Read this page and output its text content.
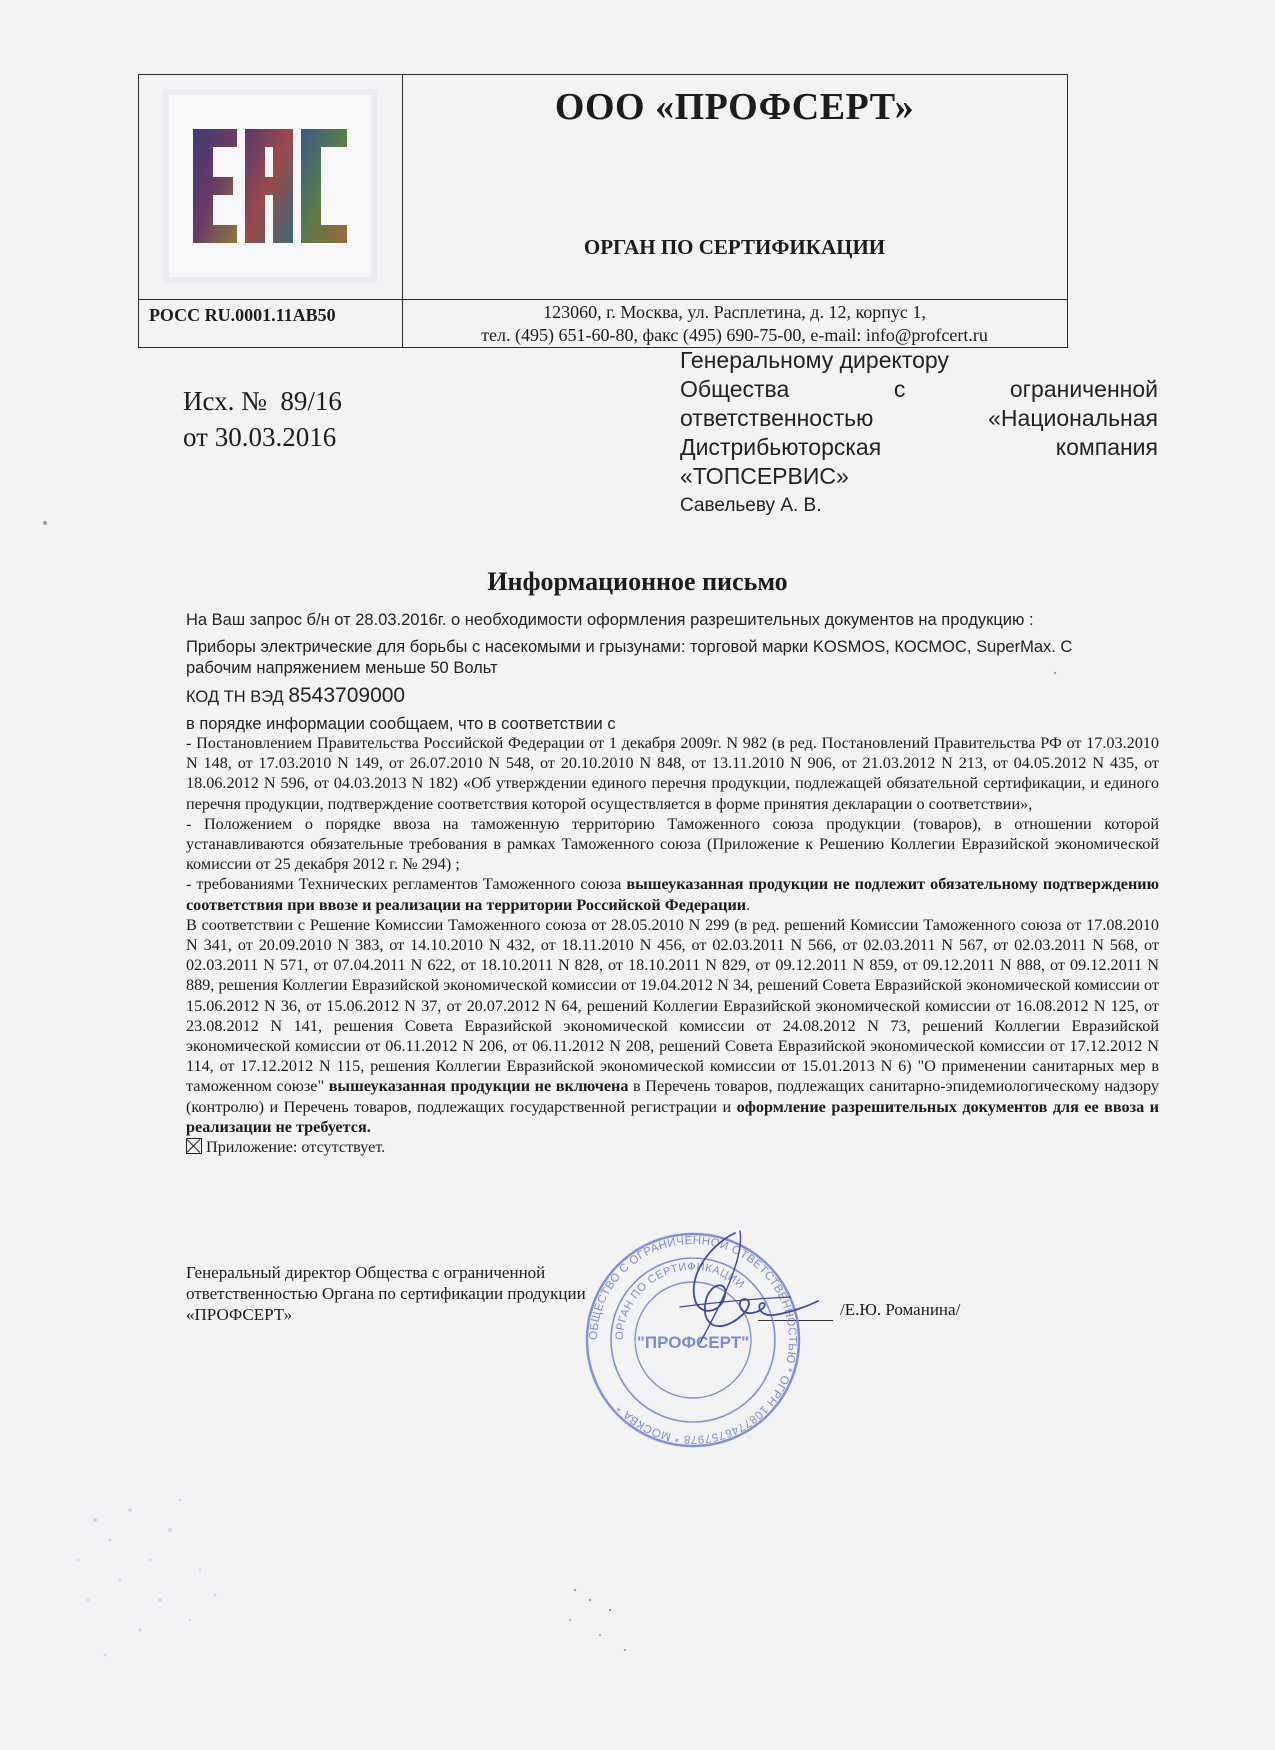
ООО «ПРОФСЕРТ»
ОРГАН ПО СЕРТИФИКАЦИИ
РОСС RU.0001.11АВ50	123060, г. Москва, ул. Расплетина, д. 12, корпус 1,
тел. (495) 651-60-80, факс (495) 690-75-00, e-mail: info@profcert.ru
Исх. №  89/16
от 30.03.2016
Генеральному директору
Общества с ограниченной
ответственностью «Национальная
Дистрибьюторская компания
«ТОПСЕРВИС»
Савельеву А. В.
Информационное письмо

На Ваш запрос б/н от 28.03.2016г. о необходимости оформления разрешительных документов на продукцию :

Приборы электрические для борьбы с насекомыми и грызунами: торговой марки KOSMOS, КОСМОС, SuperMax. С рабочим напряжением меньше 50 Вольт

КОД ТН ВЭД 8543709000

в порядке информации сообщаем, что в соответствии с

- Постановлением Правительства Российской Федерации от 1 декабря 2009г. N 982 (в ред. Постановлений Правительства РФ от 17.03.2010 N 148, от 17.03.2010 N 149, от 26.07.2010 N 548, от 20.10.2010 N 848, от 13.11.2010 N 906, от 21.03.2012 N 213, от 04.05.2012 N 435, от 18.06.2012 N 596, от 04.03.2013 N 182) «Об утверждении единого перечня продукции, подлежащей обязательной сертификации, и единого перечня продукции, подтверждение соответствия которой осуществляется в форме принятия декларации о соответствии»,

- Положением о порядке ввоза на таможенную территорию Таможенного союза продукции (товаров), в отношении которой устанавливаются обязательные требования в рамках Таможенного союза (Приложение к Решению Коллегии Евразийской экономической комиссии от 25 декабря 2012 г. № 294) ;

- требованиями Технических регламентов Таможенного союза вышеуказанная продукции не подлежит обязательному подтверждению соответствия при ввозе и реализации на территории Российской Федерации.

В соответствии с Решение Комиссии Таможенного союза от 28.05.2010 N 299 (в ред. решений Комиссии Таможенного союза от 17.08.2010 N 341, от 20.09.2010 N 383, от 14.10.2010 N 432, от 18.11.2010 N 456, от 02.03.2011 N 566, от 02.03.2011 N 567, от 02.03.2011 N 568, от 02.03.2011 N 571, от 07.04.2011 N 622, от 18.10.2011 N 828, от 18.10.2011 N 829, от 09.12.2011 N 859, от 09.12.2011 N 888, от 09.12.2011 N 889, решения Коллегии Евразийской экономической комиссии от 19.04.2012 N 34, решений Совета Евразийской экономической комиссии от 15.06.2012 N 36, от 15.06.2012 N 37, от 20.07.2012 N 64, решений Коллегии Евразийской экономической комиссии от 16.08.2012 N 125, от 23.08.2012 N 141, решения Совета Евразийской экономической комиссии от 24.08.2012 N 73, решений Коллегии Евразийской экономической комиссии от 06.11.2012 N 206, от 06.11.2012 N 208, решений Совета Евразийской экономической комиссии от 17.12.2012 N 114, от 17.12.2012 N 115, решения Коллегии Евразийской экономической комиссии от 15.01.2013 N 6) "О применении санитарных мер в таможенном союзе" вышеуказанная продукции не включена в Перечень товаров, подлежащих санитарно-эпидемиологическому надзору (контролю) и Перечень товаров, подлежащих государственной регистрации и оформление разрешительных документов для ее ввоза и реализации не требуется.

Приложение: отсутствует.

Генеральный директор Общества с ограниченной
ответственностью Органа по сертификации продукции
«ПРОФСЕРТ»	/Е.Ю. Романина/
ОБЩЕСТВО С ОГРАНИЧЕННОЙ ОТВЕТСТВЕННОСТЬЮ * ОГРН 1087746757978 * МОСКВА *
ОРГАН ПО СЕРТИФИКАЦИИ
"ПРОФСЕРТ"
